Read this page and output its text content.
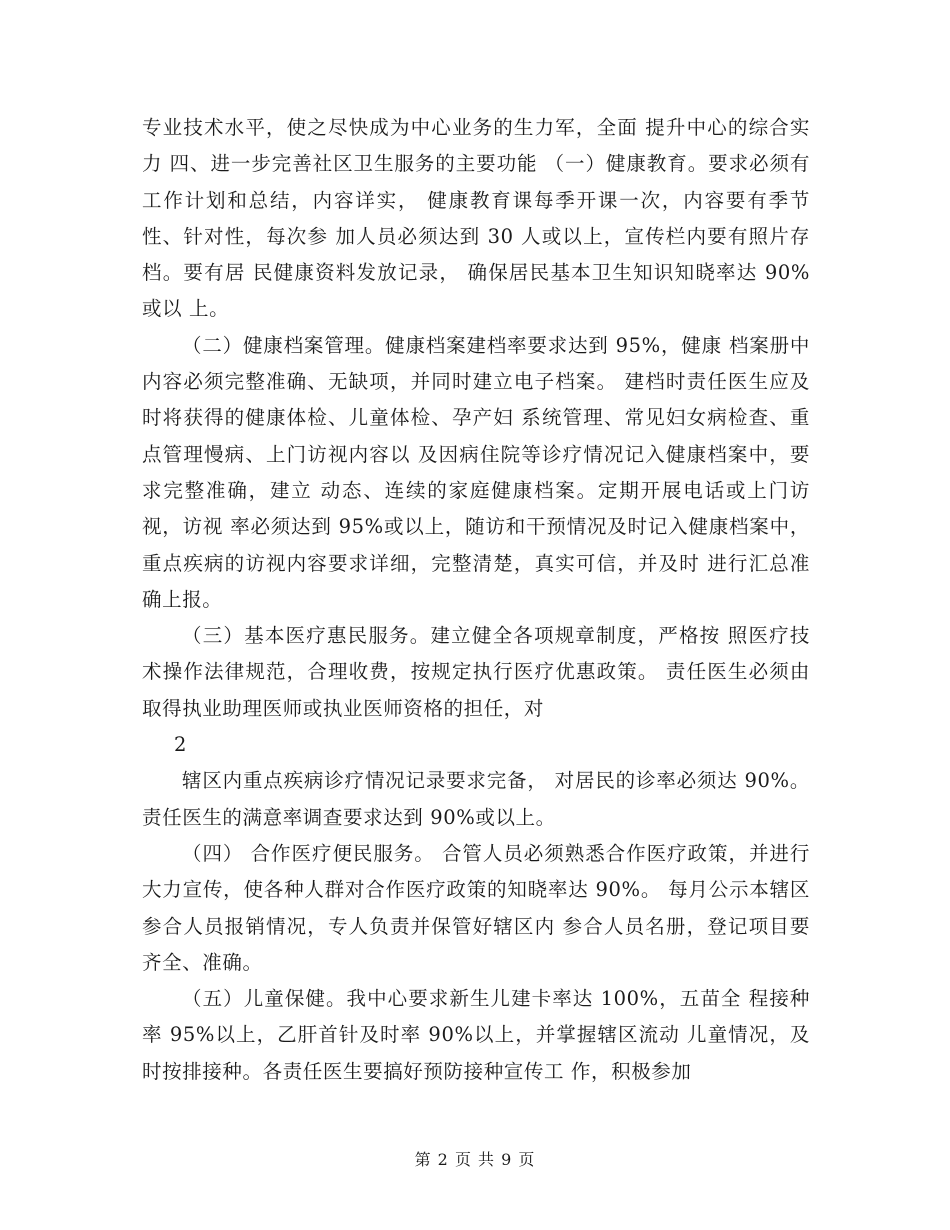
专业技术水平，使之尽快成为中心业务的生力军，全面 提升中心的综合实力 四、进一步完善社区卫生服务的主要功能 （一）健康教育。要求必须有工作计划和总结，内容详实， 健康教育课每季开课一次，内容要有季节性、针对性，每次参 加人员必须达到 30 人或以上，宣传栏内要有照片存档。要有居 民健康资料发放记录， 确保居民基本卫生知识知晓率达 90%或以 上。

（二）健康档案管理。健康档案建档率要求达到 95%，健康 档案册中内容必须完整准确、无缺项，并同时建立电子档案。 建档时责任医生应及时将获得的健康体检、儿童体检、孕产妇 系统管理、常见妇女病检查、重点管理慢病、上门访视内容以 及因病住院等诊疗情况记入健康档案中，要求完整准确，建立 动态、连续的家庭健康档案。定期开展电话或上门访视，访视 率必须达到 95%或以上，随访和干预情况及时记入健康档案中， 重点疾病的访视内容要求详细，完整清楚，真实可信，并及时 进行汇总准确上报。

（三）基本医疗惠民服务。建立健全各项规章制度，严格按 照医疗技术操作法律规范，合理收费，按规定执行医疗优惠政策。 责任医生必须由取得执业助理医师或执业医师资格的担任，对

2

辖区内重点疾病诊疗情况记录要求完备， 对居民的诊率必须达 90%。责任医生的满意率调查要求达到 90%或以上。

（四） 合作医疗便民服务。 合管人员必须熟悉合作医疗政策，并进行大力宣传，使各种人群对合作医疗政策的知晓率达 90%。 每月公示本辖区参合人员报销情况，专人负责并保管好辖区内 参合人员名册，登记项目要齐全、准确。

（五）儿童保健。我中心要求新生儿建卡率达 100%，五苗全 程接种率 95%以上，乙肝首针及时率 90%以上，并掌握辖区流动 儿童情况，及时按排接种。各责任医生要搞好预防接种宣传工 作，积极参加

第 2 页 共 9 页
